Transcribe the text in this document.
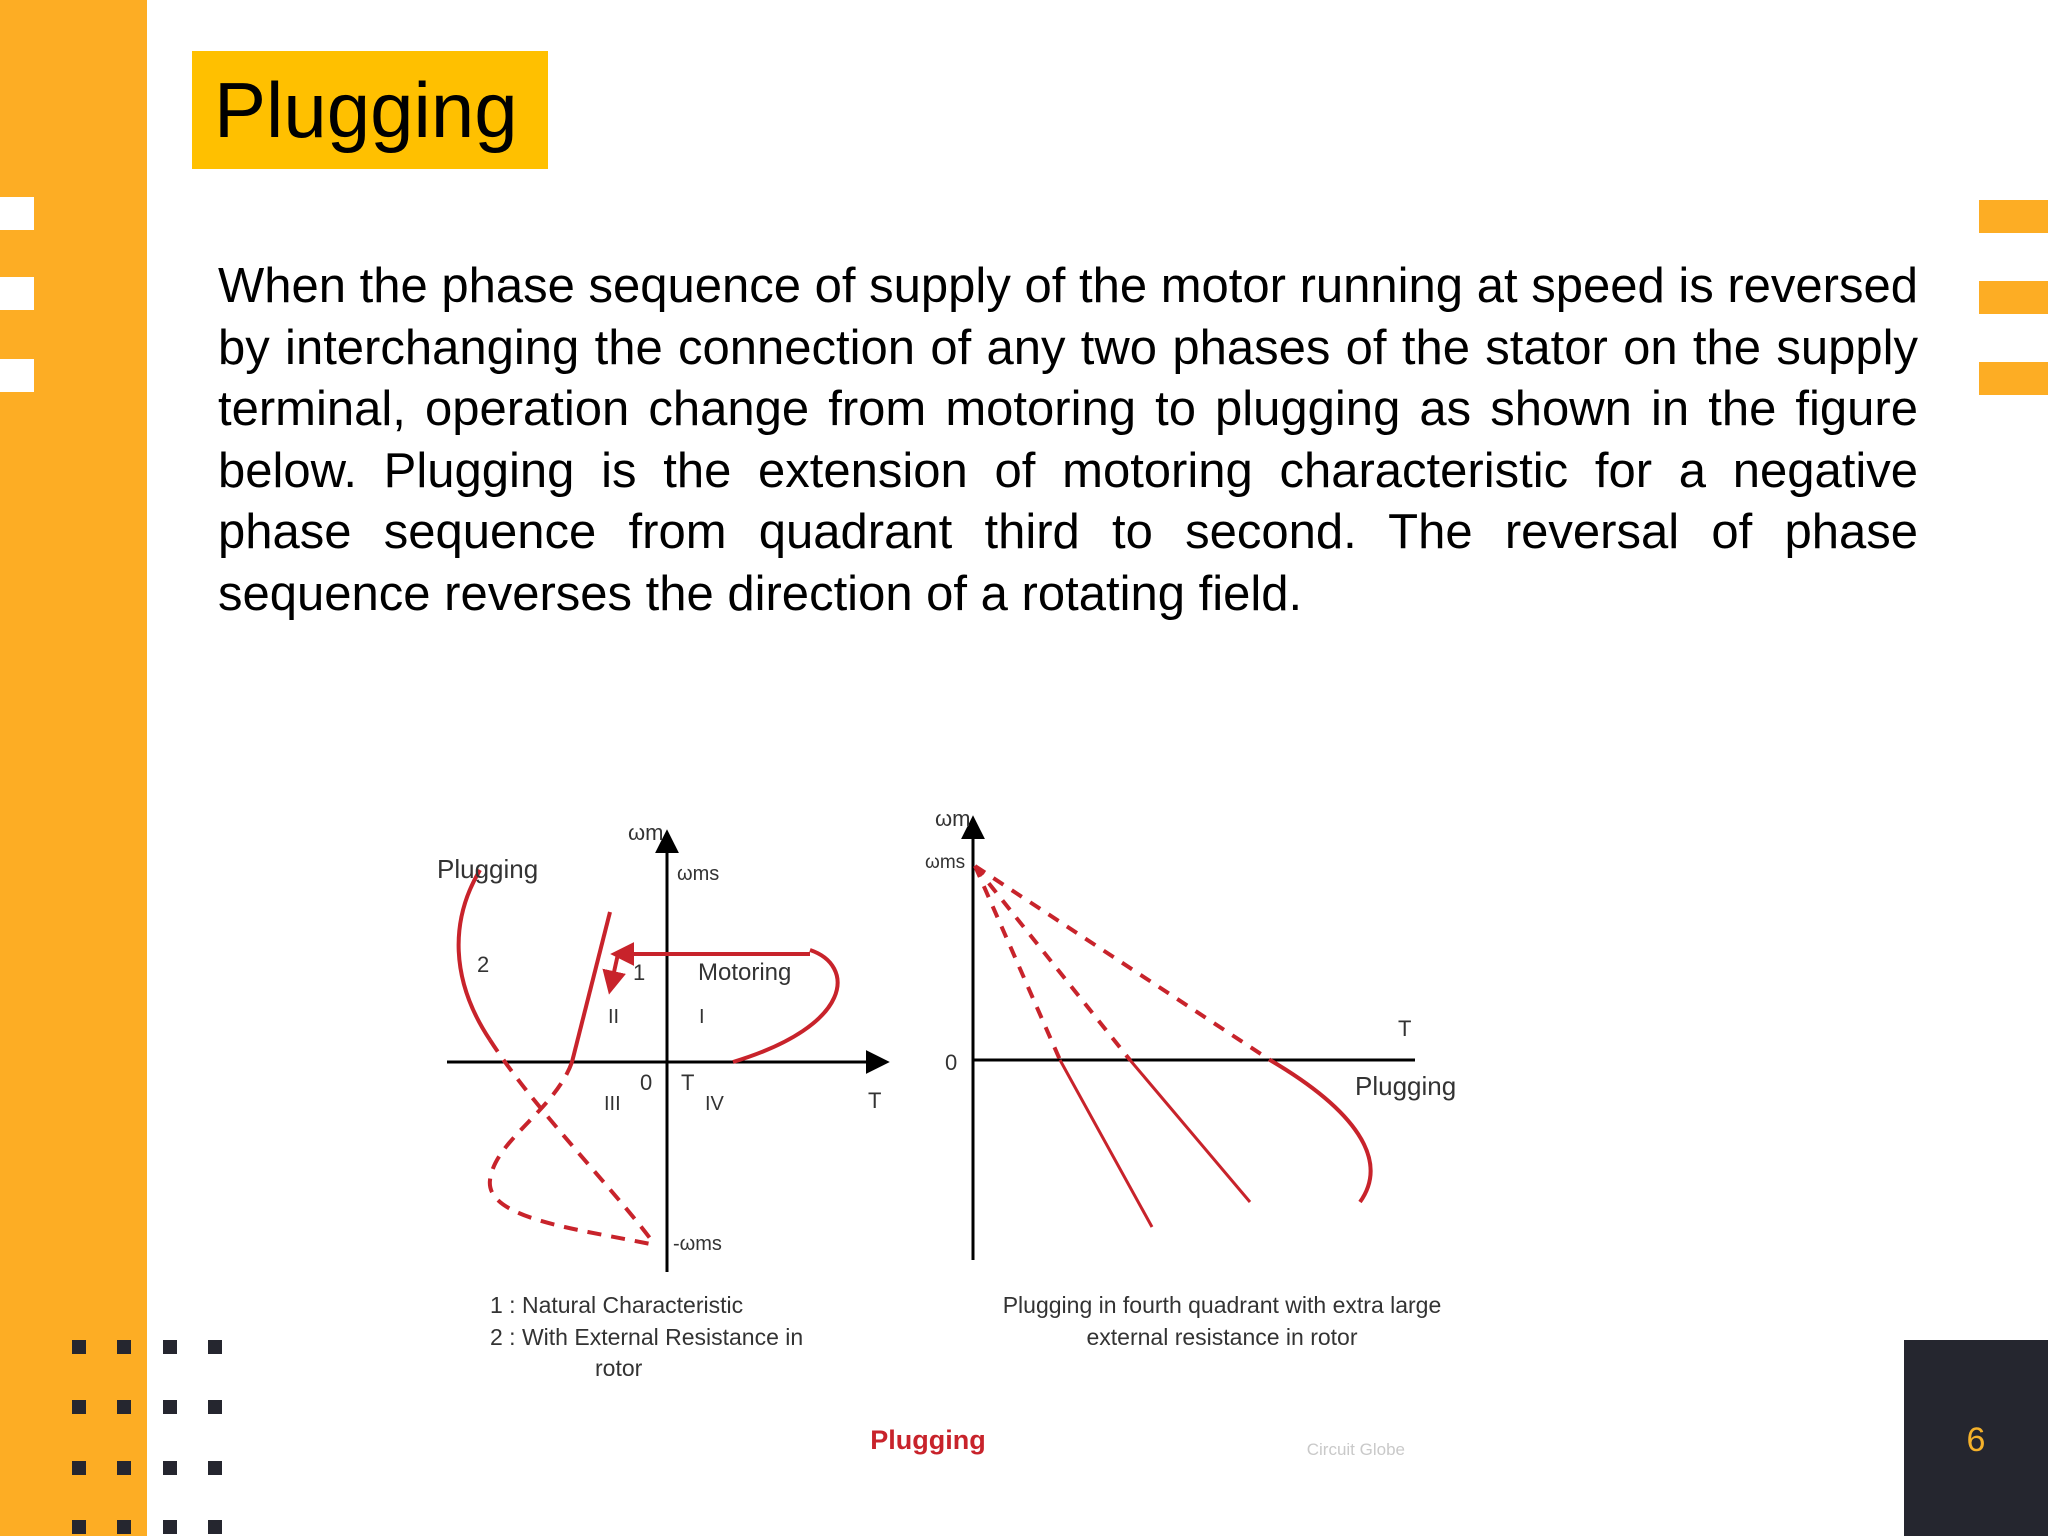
Plugging
When the phase sequence of supply of the motor running at speed is reversed by interchanging the connection of any two phases of the stator on the supply terminal, operation change from motoring to plugging as shown in the figure below. Plugging is the extension of motoring characteristic for a negative phase sequence from quadrant third to second. The reversal of phase sequence reverses the direction of a rotating field.
ωm
ωms
Plugging
Motoring
1
2
II	I
III	IV
0 T
T
-ωms
1 : Natural Characteristic
2 : With External Resistance in
rotor
ωm
ωms
0
T
Plugging
Plugging in fourth quadrant with extra large
external resistance in rotor
Plugging	Circuit Globe	6
